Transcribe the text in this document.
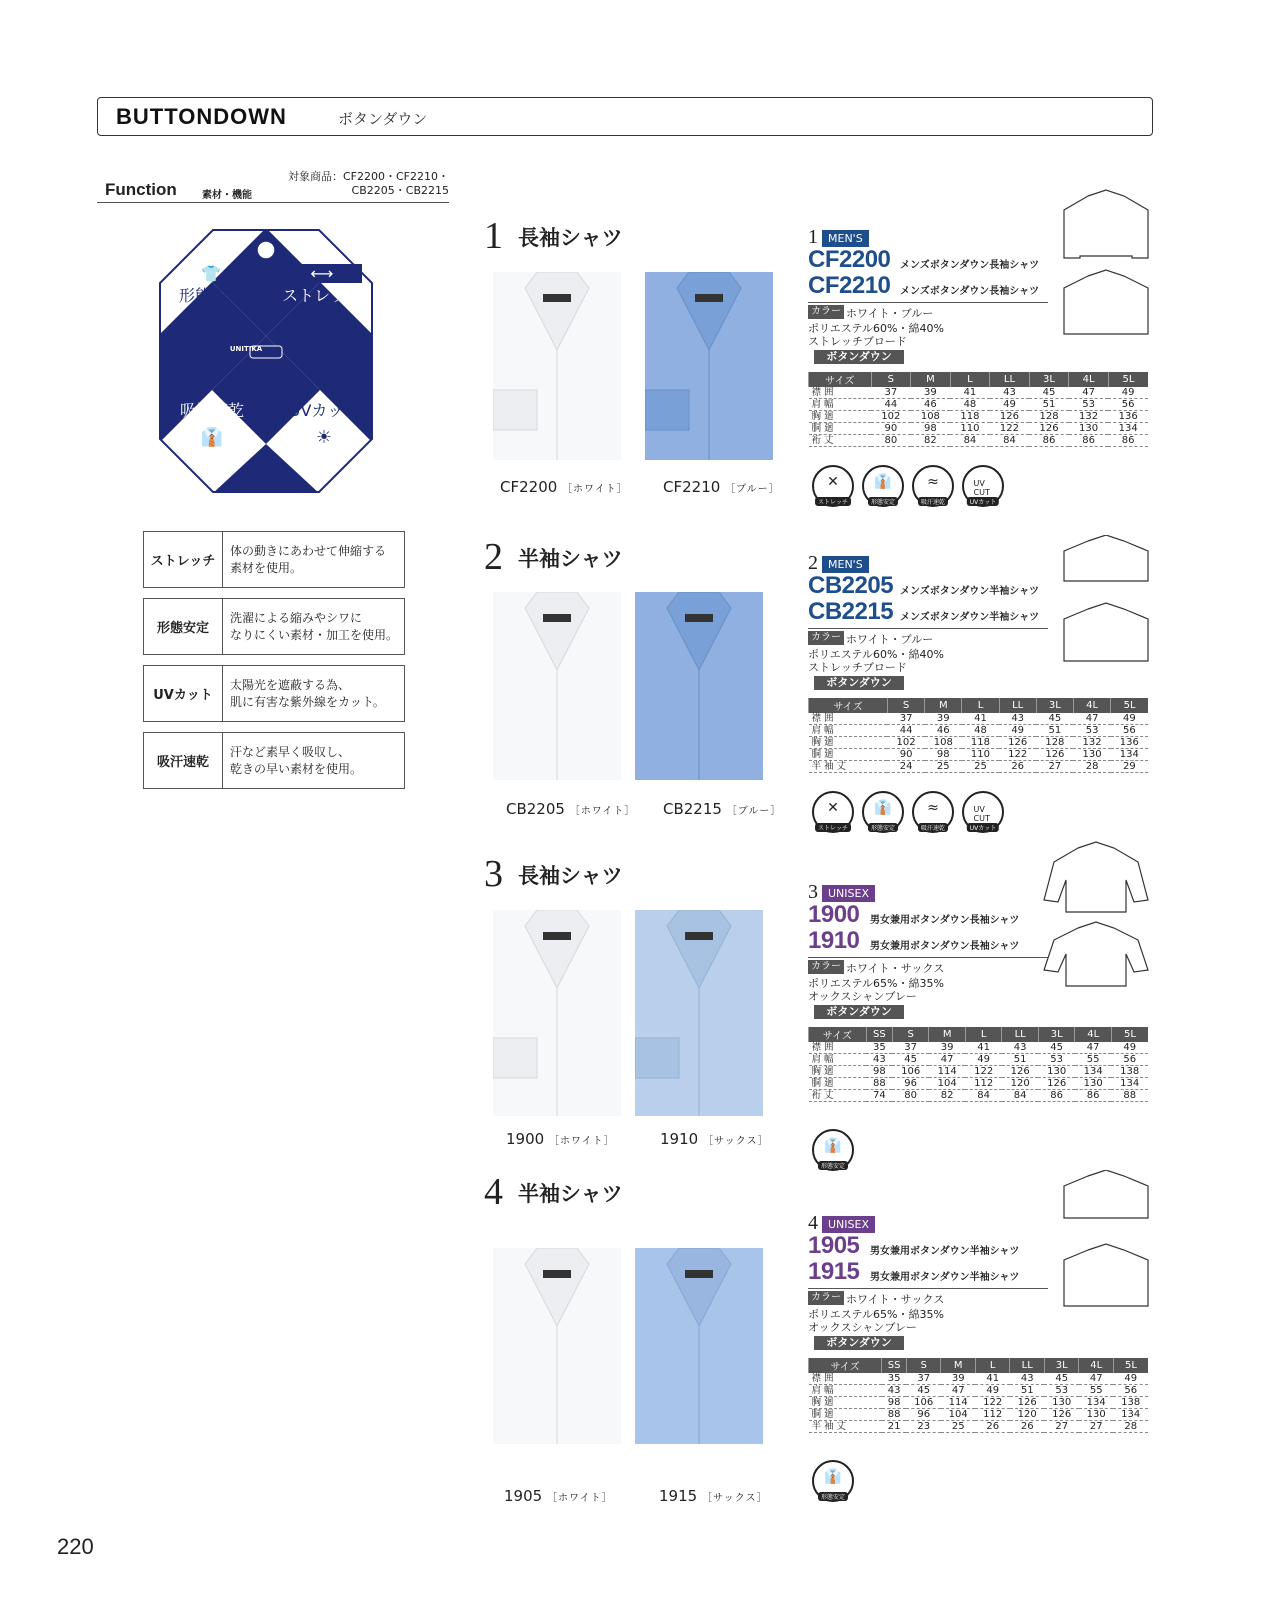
BUTTONDOWN	ボタンダウン
Function	素材・機能
対象商品：CF2200・CF2210・
CB2205・CB2215
👕
形態安定
⟷
ストレッチ
UNITIKA
MATE
吸汗速乾
👔
UVカット
☀
ストレッチ
体の動きにあわせて伸縮する
素材を使用。
形態安定
洗濯による縮みやシワに
なりにくい素材・加工を使用。
UVカット
太陽光を遮蔽する為、
肌に有害な紫外線をカット。
吸汗速乾
汗など素早く吸収し、
乾きの早い素材を使用。
1 長袖シャツ
CF2200 ［ホワイト］ CF2210 ［ブルー］
1 MEN'S
CF2200 メンズボタンダウン長袖シャツ
CF2210 メンズボタンダウン長袖シャツ
カラー ホワイト・ブルー
ポリエステル60%・綿40%
ストレッチブロード
ボタンダウン
サイズ	S	M	L	LL	3L	4L	5L
襟囲	37	39	41	43	45	47	49
肩幅	44	46	48	49	51	53	56
胸廻	102	108	118	126	128	132	136
胴廻	90	98	110	122	126	130	134
裄丈	80	82	84	84	86	86	86
✕
ストレッチ
👔
形態安定
≈
吸汗速乾
UV CUT
UVカット
2 半袖シャツ
CB2205 ［ホワイト］ CB2215 ［ブルー］
2 MEN'S
CB2205 メンズボタンダウン半袖シャツ
CB2215 メンズボタンダウン半袖シャツ
カラー ホワイト・ブルー
ポリエステル60%・綿40%
ストレッチブロード
ボタンダウン
サイズ	S	M	L	LL	3L	4L	5L
襟囲	37	39	41	43	45	47	49
肩幅	44	46	48	49	51	53	56
胸廻	102	108	118	126	128	132	136
胴廻	90	98	110	122	126	130	134
半袖丈	24	25	25	26	27	28	29
✕
ストレッチ
👔
形態安定
≈
吸汗速乾
UV CUT
UVカット
3 長袖シャツ
1900 ［ホワイト］	1910 ［サックス］
3 UNISEX
1900 男女兼用ボタンダウン長袖シャツ
1910 男女兼用ボタンダウン長袖シャツ
カラー ホワイト・サックス
ポリエステル65%・綿35%
オックスシャンブレー
ボタンダウン
サイズ	SS	S	M	L	LL	3L	4L	5L
襟囲	35	37	39	41	43	45	47	49
肩幅	43	45	47	49	51	53	55	56
胸廻	98	106	114	122	126	130	134	138
胴廻	88	96	104	112	120	126	130	134
裄丈	74	80	82	84	84	86	86	88
👔
形態安定
4 半袖シャツ
1905 ［ホワイト］	1915 ［サックス］
4 UNISEX
1905 男女兼用ボタンダウン半袖シャツ
1915 男女兼用ボタンダウン半袖シャツ
カラー ホワイト・サックス
ポリエステル65%・綿35%
オックスシャンブレー
ボタンダウン
サイズ	SS	S	M	L	LL	3L	4L	5L
襟囲	35	37	39	41	43	45	47	49
肩幅	43	45	47	49	51	53	55	56
胸廻	98	106	114	122	126	130	134	138
胴廻	88	96	104	112	120	126	130	134
半袖丈	21	23	25	26	26	27	27	28
👔
形態安定
220
